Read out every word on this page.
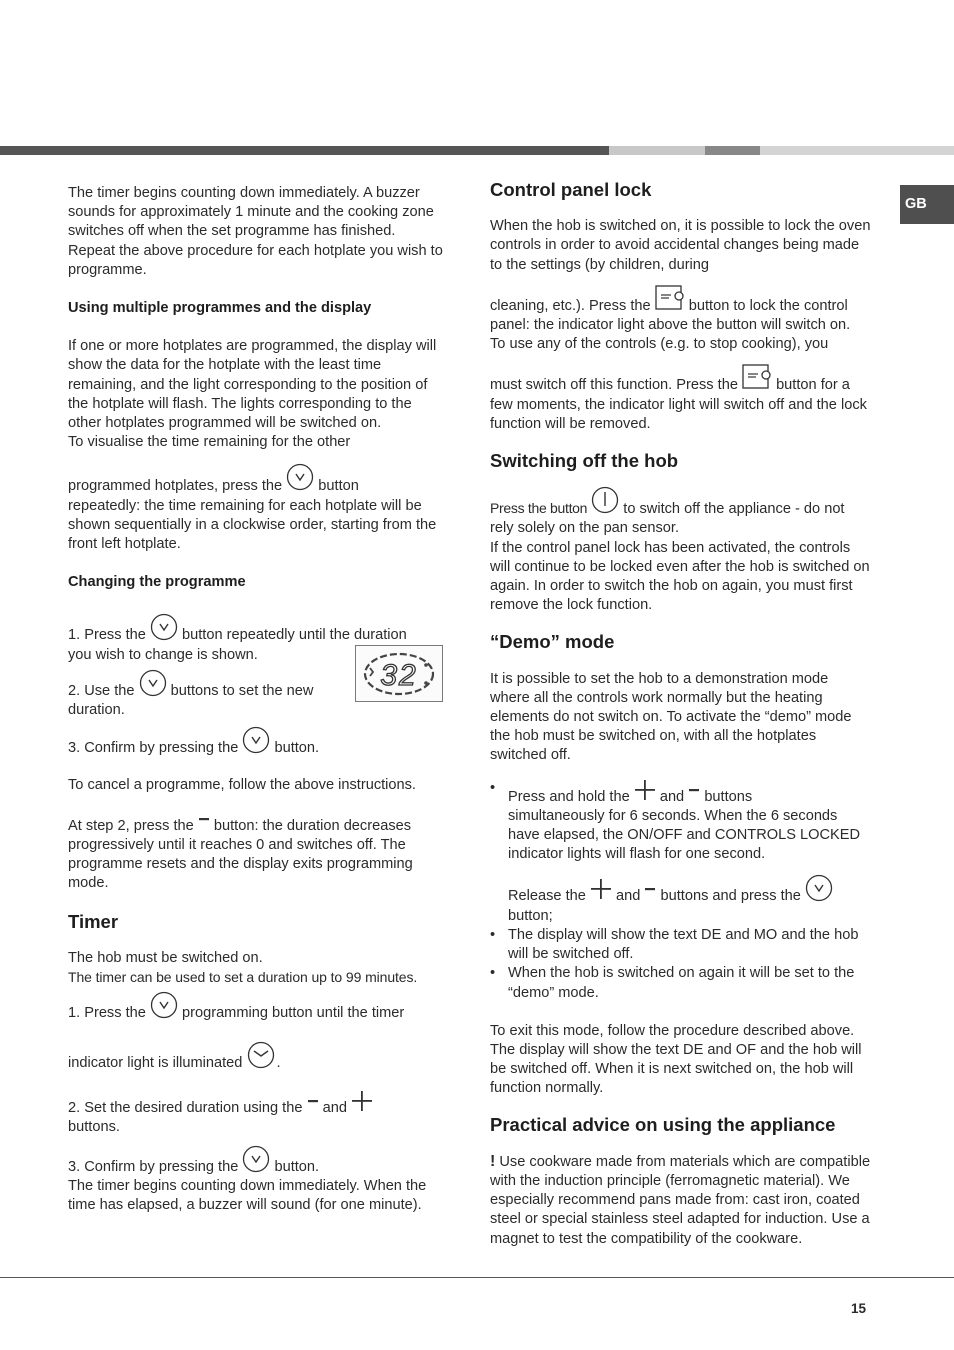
GB

The timer begins counting down immediately. A buzzer sounds for approximately 1 minute and the cooking zone switches off when the set programme has finished.

Repeat the above procedure for each hotplate you wish to programme.

Using multiple programmes and the display

If one or more hotplates are programmed, the display will show the data for the hotplate with the least time remaining, and the light corresponding to the position of the hotplate will flash. The lights corresponding to the other hotplates programmed will be switched on.

To visualise the time remaining for the other

programmed hotplates, press the button

repeatedly: the time remaining for each hotplate will be shown sequentially in a clockwise order, starting from the front left hotplate.

Changing the programme

1. Press the button repeatedly until the duration

you wish to change is shown.

2. Use the buttons to set the new

duration.

3. Confirm by pressing the button.

To cancel a programme, follow the above instructions.

At step 2, press the button: the duration decreases

progressively until it reaches 0 and switches off. The programme resets and the display exits programming mode.

Timer

The hob must be switched on.

The timer can be used to set a duration up to 99 minutes.

1. Press the programming button until the timer

indicator light is illuminated .

2. Set the desired duration using the and

buttons.

3. Confirm by pressing the button.

The timer begins counting down immediately. When the time has elapsed, a buzzer will sound (for one minute).

32

Control panel lock

When the hob is switched on, it is possible to lock the oven controls in order to avoid accidental changes being made to the settings (by children, during

cleaning, etc.). Press the	button to lock the control

panel: the indicator light above the button will switch on.

To use any of the controls (e.g. to stop cooking), you

must switch off this function. Press the	button for a

few moments, the indicator light will switch off and the lock function will be removed.

Switching off the hob

Press the button to switch off the appliance - do not

rely solely on the pan sensor.

If the control panel lock has been activated, the controls will continue to be locked even after the hob is switched on again. In order to switch the hob on again, you must first remove the lock function.

“Demo” mode

It is possible to set the hob to a demonstration mode where all the controls work normally but the heating elements do not switch on. To activate the “demo” mode the hob must be switched on, with all the hotplates switched off.

•
Press and hold the and buttons
simultaneously for 6 seconds. When the 6 seconds have elapsed, the ON/OFF and CONTROLS LOCKED indicator lights will flash for one second.
Release the and buttons and press the
button;
• The display will show the text DE and MO and the hob will be switched off.
• When the hob is switched on again it will be set to the “demo” mode.

To exit this mode, follow the procedure described above. The display will show the text DE and OF and the hob will be switched off. When it is next switched on, the hob will function normally.

Practical advice on using the appliance

! Use cookware made from materials which are compatible with the induction principle (ferromagnetic material). We especially recommend pans made from: cast iron, coated steel or special stainless steel adapted for induction. Use a magnet to test the compatibility of the cookware.

15
